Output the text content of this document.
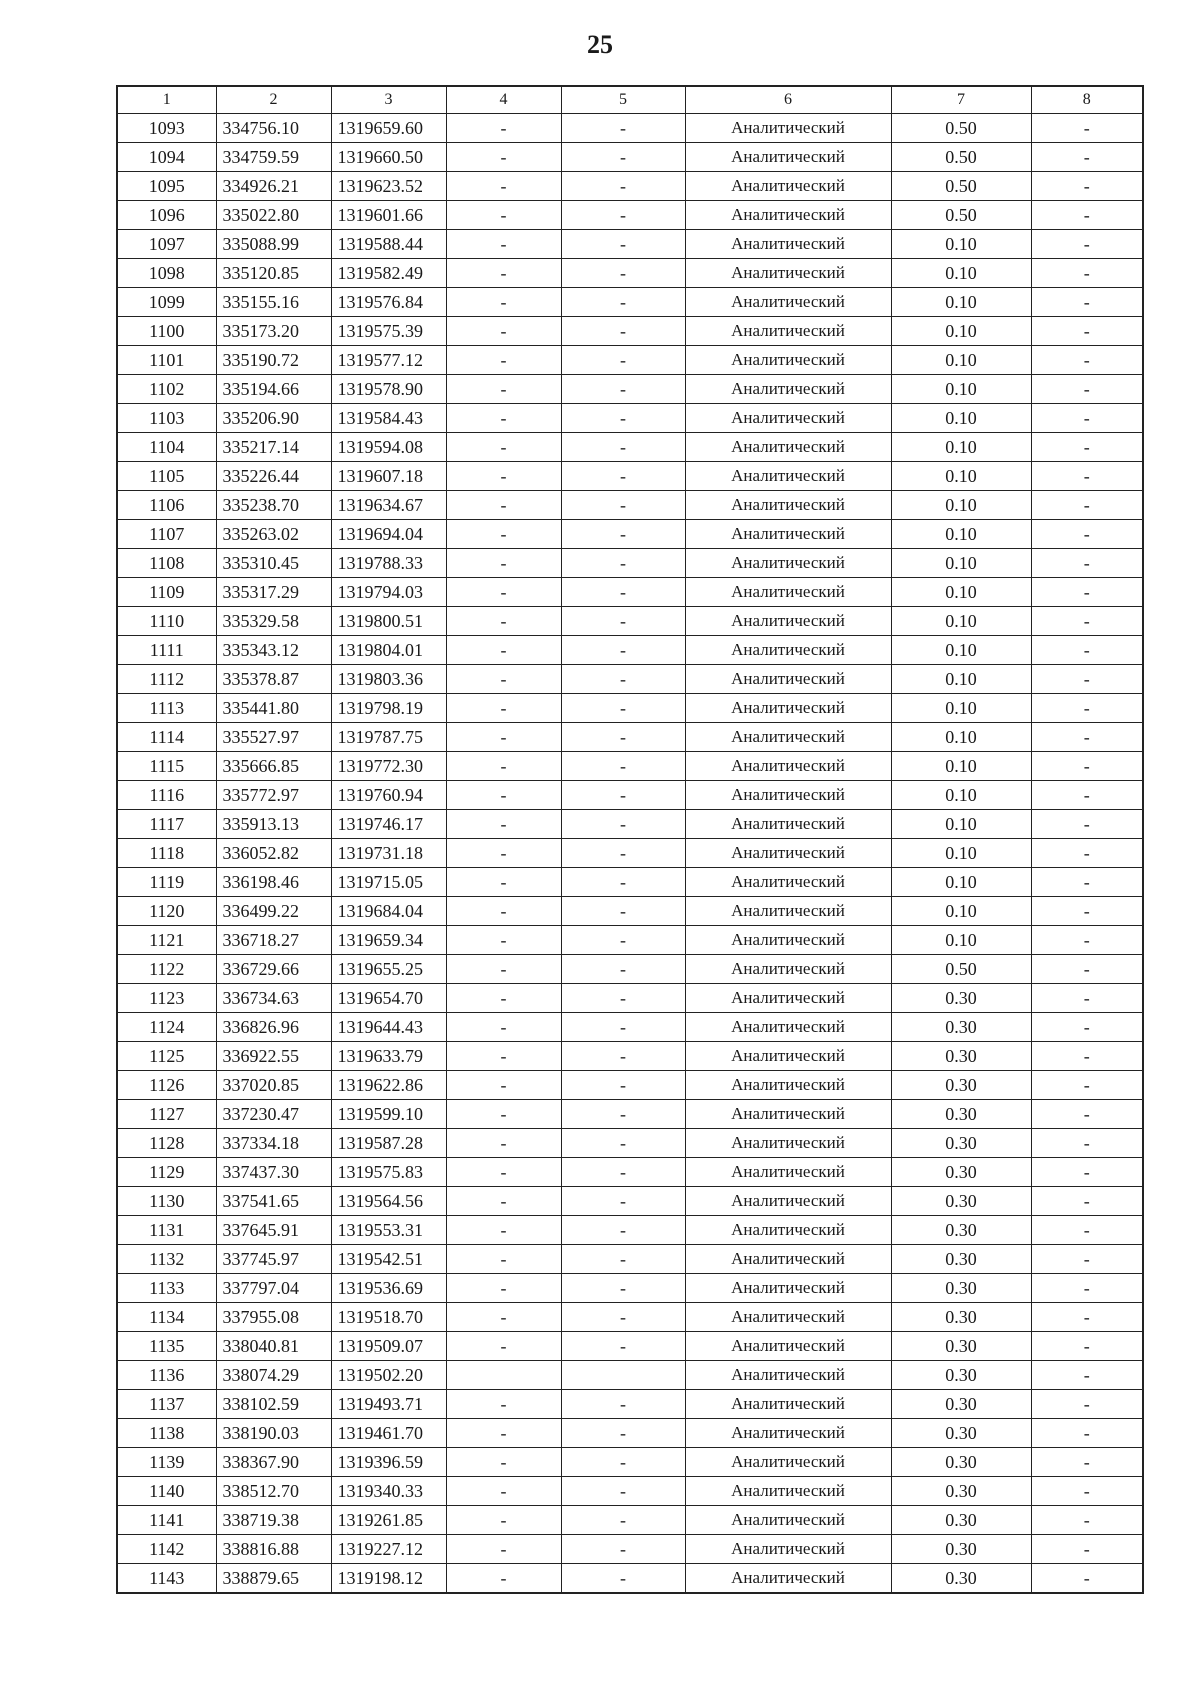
25
1	2	3	4	5	6	7	8
1093	334756.10	1319659.60	-	-	Аналитический	0.50	-
1094	334759.59	1319660.50	-	-	Аналитический	0.50	-
1095	334926.21	1319623.52	-	-	Аналитический	0.50	-
1096	335022.80	1319601.66	-	-	Аналитический	0.50	-
1097	335088.99	1319588.44	-	-	Аналитический	0.10	-
1098	335120.85	1319582.49	-	-	Аналитический	0.10	-
1099	335155.16	1319576.84	-	-	Аналитический	0.10	-
1100	335173.20	1319575.39	-	-	Аналитический	0.10	-
1101	335190.72	1319577.12	-	-	Аналитический	0.10	-
1102	335194.66	1319578.90	-	-	Аналитический	0.10	-
1103	335206.90	1319584.43	-	-	Аналитический	0.10	-
1104	335217.14	1319594.08	-	-	Аналитический	0.10	-
1105	335226.44	1319607.18	-	-	Аналитический	0.10	-
1106	335238.70	1319634.67	-	-	Аналитический	0.10	-
1107	335263.02	1319694.04	-	-	Аналитический	0.10	-
1108	335310.45	1319788.33	-	-	Аналитический	0.10	-
1109	335317.29	1319794.03	-	-	Аналитический	0.10	-
1110	335329.58	1319800.51	-	-	Аналитический	0.10	-
1111	335343.12	1319804.01	-	-	Аналитический	0.10	-
1112	335378.87	1319803.36	-	-	Аналитический	0.10	-
1113	335441.80	1319798.19	-	-	Аналитический	0.10	-
1114	335527.97	1319787.75	-	-	Аналитический	0.10	-
1115	335666.85	1319772.30	-	-	Аналитический	0.10	-
1116	335772.97	1319760.94	-	-	Аналитический	0.10	-
1117	335913.13	1319746.17	-	-	Аналитический	0.10	-
1118	336052.82	1319731.18	-	-	Аналитический	0.10	-
1119	336198.46	1319715.05	-	-	Аналитический	0.10	-
1120	336499.22	1319684.04	-	-	Аналитический	0.10	-
1121	336718.27	1319659.34	-	-	Аналитический	0.10	-
1122	336729.66	1319655.25	-	-	Аналитический	0.50	-
1123	336734.63	1319654.70	-	-	Аналитический	0.30	-
1124	336826.96	1319644.43	-	-	Аналитический	0.30	-
1125	336922.55	1319633.79	-	-	Аналитический	0.30	-
1126	337020.85	1319622.86	-	-	Аналитический	0.30	-
1127	337230.47	1319599.10	-	-	Аналитический	0.30	-
1128	337334.18	1319587.28	-	-	Аналитический	0.30	-
1129	337437.30	1319575.83	-	-	Аналитический	0.30	-
1130	337541.65	1319564.56	-	-	Аналитический	0.30	-
1131	337645.91	1319553.31	-	-	Аналитический	0.30	-
1132	337745.97	1319542.51	-	-	Аналитический	0.30	-
1133	337797.04	1319536.69	-	-	Аналитический	0.30	-
1134	337955.08	1319518.70	-	-	Аналитический	0.30	-
1135	338040.81	1319509.07	-	-	Аналитический	0.30	-
1136	338074.29	1319502.20			Аналитический	0.30	-
1137	338102.59	1319493.71	-	-	Аналитический	0.30	-
1138	338190.03	1319461.70	-	-	Аналитический	0.30	-
1139	338367.90	1319396.59	-	-	Аналитический	0.30	-
1140	338512.70	1319340.33	-	-	Аналитический	0.30	-
1141	338719.38	1319261.85	-	-	Аналитический	0.30	-
1142	338816.88	1319227.12	-	-	Аналитический	0.30	-
1143	338879.65	1319198.12	-	-	Аналитический	0.30	-
